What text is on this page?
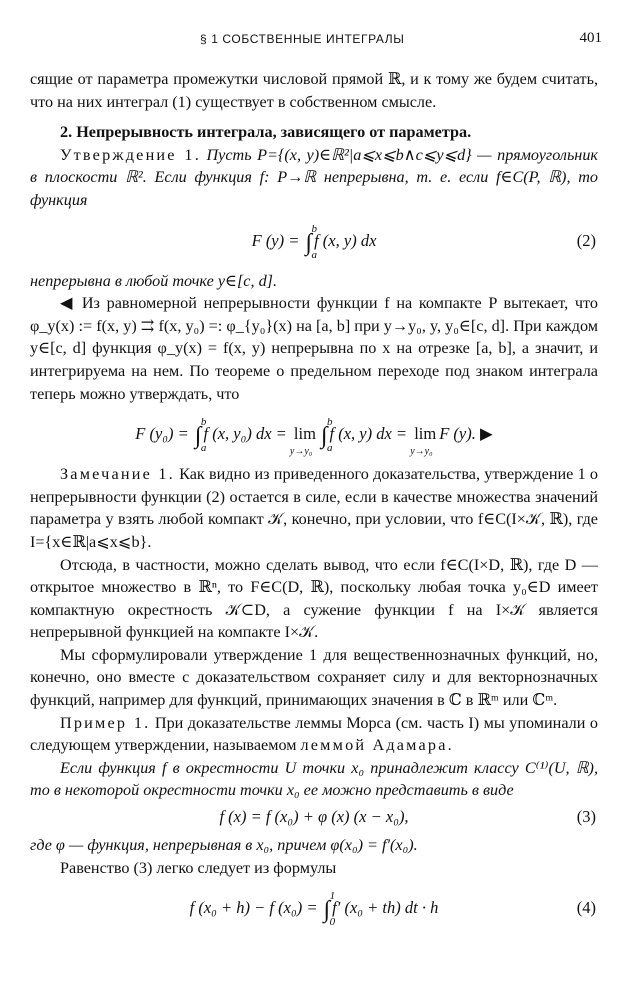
§ 1 СОБСТВЕННЫЕ ИНТЕГРАЛЫ	401

сящие от параметра промежутки числовой прямой ℝ, и к тому же будем считать, что на них интеграл (1) существует в собственном смысле.

2. Непрерывность интеграла, зависящего от параметра.

Утверждение 1. Пусть P={(x, y)∈ℝ²|a⩽x⩽b∧c⩽y⩽d} — прямоугольник в плоскости ℝ². Если функция f: P→ℝ непрерывна, т. е. если f∈C(P, ℝ), то функция

F (y) = ∫
b
a
f (x, y) dx	(2)

непрерывна в любой точке y∈[c, d].

◀ Из равномерной непрерывности функции f на компакте P вытекает, что φ_y(x) := f(x, y) ⇉ f(x, y₀) =: φ_{y₀}(x) на [a, b] при y→y₀, y, y₀∈[c, d]. При каждом y∈[c, d] функция φ_y(x) = f(x, y) непрерывна по x на отрезке [a, b], а значит, и интегрируема на нем. По теореме о предельном переходе под знаком интеграла теперь можно утверждать, что

F (y₀) = ∫
b
a
f (x, y₀) dx = lim
y→y₀
∫
b
a
f (x, y) dx = lim
y→y₀
F (y). ▶

Замечание 1. Как видно из приведенного доказательства, утверждение 1 о непрерывности функции (2) остается в силе, если в качестве множества значений параметра y взять любой компакт 𝒦, конечно, при условии, что f∈C(I×𝒦, ℝ), где I={x∈ℝ|a⩽x⩽b}.

Отсюда, в частности, можно сделать вывод, что если f∈C(I×D, ℝ), где D — открытое множество в ℝⁿ, то F∈C(D, ℝ), поскольку любая точка y₀∈D имеет компактную окрестность 𝒦⊂D, а сужение функции f на I×𝒦 является непрерывной функцией на компакте I×𝒦.

Мы сформулировали утверждение 1 для вещественнозначных функций, но, конечно, оно вместе с доказательством сохраняет силу и для векторнозначных функций, например для функций, принимающих значения в ℂ в ℝᵐ или ℂᵐ.

Пример 1. При доказательстве леммы Морса (см. часть I) мы упоминали о следующем утверждении, называемом леммой Адамара.

Если функция f в окрестности U точки x₀ принадлежит классу C⁽¹⁾(U, ℝ), то в некоторой окрестности точки x₀ ее можно представить в виде

f (x) = f (x₀) + φ (x) (x − x₀),	(3)

где φ — функция, непрерывная в x₀, причем φ(x₀) = f′(x₀).

Равенство (3) легко следует из формулы

f (x₀ + h) − f (x₀) = ∫
1
0
f′ (x₀ + th) dt · h	(4)
